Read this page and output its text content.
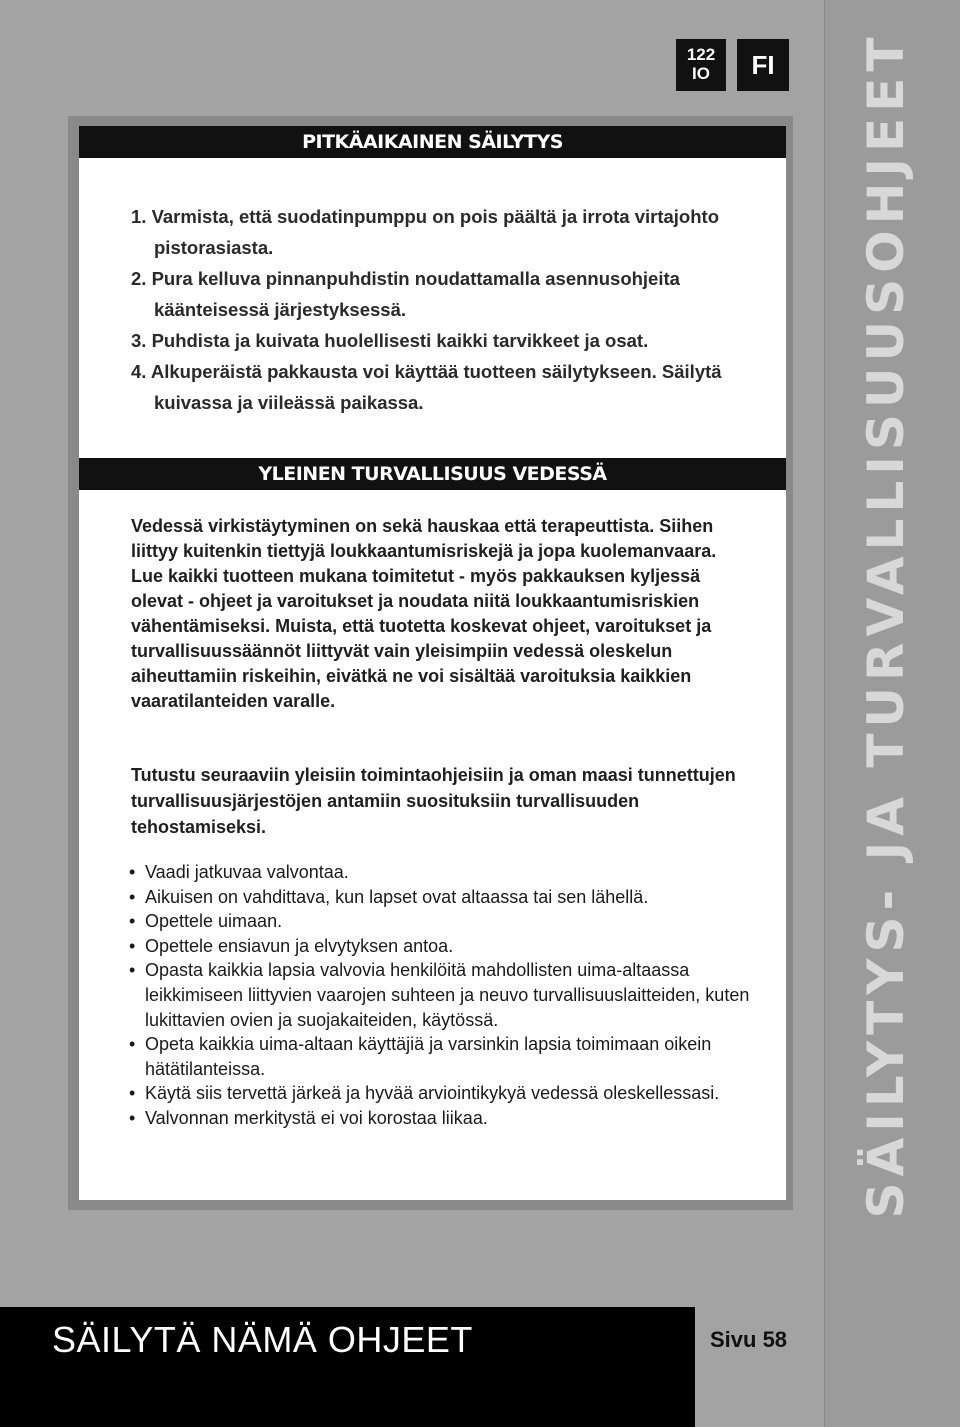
SÄILYTYS- JA TURVALLISUUSOHJEET
122
IO	FI
PITKÄAIKAINEN SÄILYTYS
1. Varmista, että suodatinpumppu on pois päältä ja irrota virtajohto pistorasiasta.
2. Pura kelluva pinnanpuhdistin noudattamalla asennusohjeita käänteisessä järjestyksessä.
3. Puhdista ja kuivata huolellisesti kaikki tarvikkeet ja osat.
4. Alkuperäistä pakkausta voi käyttää tuotteen säilytykseen. Säilytä kuivassa ja viileässä paikassa.
YLEINEN TURVALLISUUS VEDESSÄ
Vedessä virkistäytyminen on sekä hauskaa että terapeuttista. Siihen liittyy kuitenkin tiettyjä loukkaantumisriskejä ja jopa kuolemanvaara. Lue kaikki tuotteen mukana toimitetut - myös pakkauksen kyljessä olevat - ohjeet ja varoitukset ja noudata niitä loukkaantumisriskien vähentämiseksi. Muista, että tuotetta koskevat ohjeet, varoitukset ja turvallisuussäännöt liittyvät vain yleisimpiin vedessä oleskelun aiheuttamiin riskeihin, eivätkä ne voi sisältää varoituksia kaikkien vaaratilanteiden varalle.
Tutustu seuraaviin yleisiin toimintaohjeisiin ja oman maasi tunnettujen turvallisuusjärjestöjen antamiin suosituksiin turvallisuuden tehostamiseksi.
• Vaadi jatkuvaa valvontaa.
• Aikuisen on vahdittava, kun lapset ovat altaassa tai sen lähellä.
• Opettele uimaan.
• Opettele ensiavun ja elvytyksen antoa.
• Opasta kaikkia lapsia valvovia henkilöitä mahdollisten uima-altaassa leikkimiseen liittyvien vaarojen suhteen ja neuvo turvallisuuslaitteiden, kuten lukittavien ovien ja suojakaiteiden, käytössä.
• Opeta kaikkia uima-altaan käyttäjiä ja varsinkin lapsia toimimaan oikein hätätilanteissa.
• Käytä siis tervettä järkeä ja hyvää arviointikykyä vedessä oleskellessasi.
• Valvonnan merkitystä ei voi korostaa liikaa.
SÄILYTÄ NÄMÄ OHJEET	Sivu 58
